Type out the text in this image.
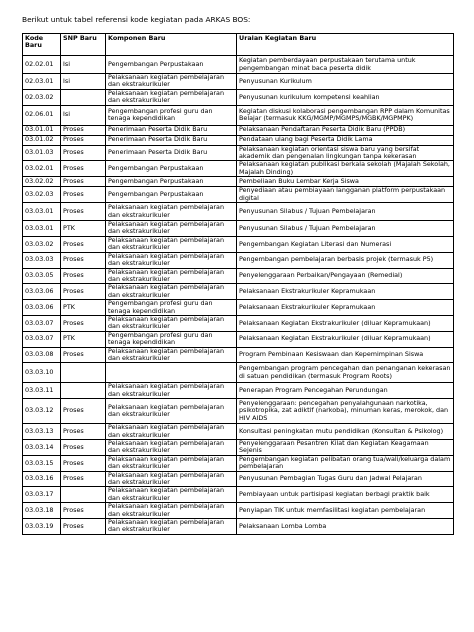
Berikut untuk tabel referensi kode kegiatan pada ARKAS BOS:
Kode Baru	SNP Baru	Komponen Baru	Uraian Kegiatan Baru
02.02.01	Isi	Pengembangan Perpustakaan	Kegiatan pemberdayaan perpustakaan terutama untuk pengembangan minat baca peserta didik
02.03.01	Isi	Pelaksanaan kegiatan pembelajaran dan ekstrakurikuler	Penyusunan Kurikulum
02.03.02		Pelaksanaan kegiatan pembelajaran dan ekstrakurikuler	Penyusunan kurikulum kompetensi keahlian
02.06.01	Isi	Pengembangan profesi guru dan tenaga kependidikan	Kegiatan diskusi kolaborasi pengembangan RPP dalam Komunitas Belajar (termasuk KKG/MGMP/MGMPS/MGBK/MGPMPK)
03.01.01	Proses	Penerimaan Peserta Didik Baru	Pelaksanaan Pendaftaran Peserta Didik Baru (PPDB)
03.01.02	Proses	Penerimaan Peserta Didik Baru	Pendataan ulang bagi Peserta Didik Lama
03.01.03	Proses	Penerimaan Peserta Didik Baru	Pelaksanaan kegiatan orientasi siswa baru yang bersifat akademik dan pengenalan lingkungan tanpa kekerasan
03.02.01	Proses	Pengembangan Perpustakaan	Pelaksanaan kegiatan publikasi berkala sekolah (Majalah Sekolah, Majalah Dinding)
03.02.02	Proses	Pengembangan Perpustakaan	Pembeliaan Buku Lembar Kerja Siswa
03.02.03	Proses	Pengembangan Perpustakaan	Penyediaan atau pembiayaan langganan platform perpustakaan digital
03.03.01	Proses	Pelaksanaan kegiatan pembelajaran dan ekstrakurikuler	Penyusunan Silabus / Tujuan Pembelajaran
03.03.01	PTK	Pelaksanaan kegiatan pembelajaran dan ekstrakurikuler	Penyusunan Silabus / Tujuan Pembelajaran
03.03.02	Proses	Pelaksanaan kegiatan pembelajaran dan ekstrakurikuler	Pengembangan Kegiatan Literasi dan Numerasi
03.03.03	Proses	Pelaksanaan kegiatan pembelajaran dan ekstrakurikuler	Pengembangan pembelajaran berbasis projek (termasuk P5)
03.03.05	Proses	Pelaksanaan kegiatan pembelajaran dan ekstrakurikuler	Penyelenggaraan Perbaikan/Pengayaan (Remedial)
03.03.06	Proses	Pelaksanaan kegiatan pembelajaran dan ekstrakurikuler	Pelaksanaan Ekstrakurikuler Kepramukaan
03.03.06	PTK	Pengembangan profesi guru dan tenaga kependidikan	Pelaksanaan Ekstrakurikuler Kepramukaan
03.03.07	Proses	Pelaksanaan kegiatan pembelajaran dan ekstrakurikuler	Pelaksanaan Kegiatan Ekstrakurikuler (diluar Kepramukaan)
03.03.07	PTK	Pengembangan profesi guru dan tenaga kependidikan	Pelaksanaan Kegiatan Ekstrakurikuler (diluar Kepramukaan)
03.03.08	Proses	Pelaksanaan kegiatan pembelajaran dan ekstrakurikuler	Program Pembinaan Kesiswaan dan Kepemimpinan Siswa
03.03.10			Pengembangan program pencegahan dan penanganan kekerasan di satuan pendidikan (termasuk Program Roots)
03.03.11		Pelaksanaan kegiatan pembelajaran dan ekstrakurikuler	Penerapan Program Pencegahan Perundungan
03.03.12	Proses	Pelaksanaan kegiatan pembelajaran dan ekstrakurikuler	Penyelenggaraan: pencegahan penyalahgunaan narkotika, psikotropika, zat adiktif (narkoba), minuman keras, merokok, dan HIV AIDS
03.03.13	Proses	Pelaksanaan kegiatan pembelajaran dan ekstrakurikuler	Konsultasi peningkatan mutu pendidikan (Konsultan & Psikolog)
03.03.14	Proses	Pelaksanaan kegiatan pembelajaran dan ekstrakurikuler	Penyelenggaraan Pesantren Kilat dan Kegiatan Keagamaan Sejenis
03.03.15	Proses	Pelaksanaan kegiatan pembelajaran dan ekstrakurikuler	Pengembangan kegiatan pelibatan orang tua/wali/keluarga dalam pembelajaran
03.03.16	Proses	Pelaksanaan kegiatan pembelajaran dan ekstrakurikuler	Penyusunan Pembagian Tugas Guru dan Jadwal Pelajaran
03.03.17		Pelaksanaan kegiatan pembelajaran dan ekstrakurikuler	Pembiayaan untuk partisipasi kegiatan berbagi praktik baik
03.03.18	Proses	Pelaksanaan kegiatan pembelajaran dan ekstrakurikuler	Penyiapan TIK untuk memfasilitasi kegiatan pembelajaran
03.03.19	Proses	Pelaksanaan kegiatan pembelajaran dan ekstrakurikuler	Pelaksanaan Lomba Lomba
